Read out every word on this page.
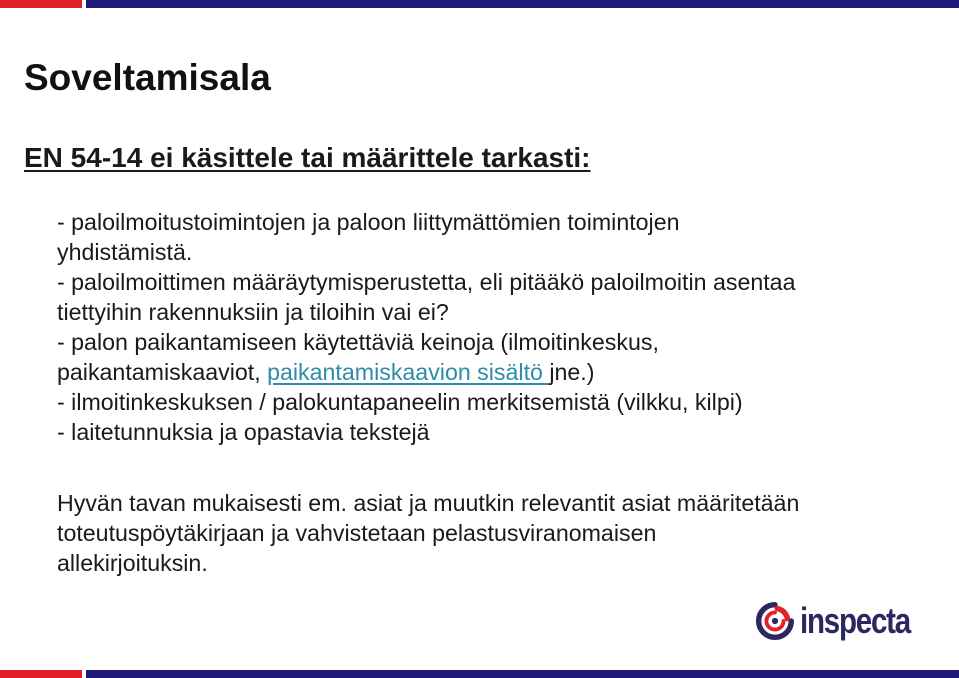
Soveltamisala
EN 54-14 ei käsittele tai määrittele tarkasti:

- paloilmoitustoimintojen ja paloon liittymättömien toimintojen

yhdistämistä.

- paloilmoittimen määräytymisperustetta, eli pitääkö paloilmoitin asentaa

tiettyihin rakennuksiin ja tiloihin vai ei?

- palon paikantamiseen käytettäviä keinoja (ilmoitinkeskus,

paikantamiskaaviot, paikantamiskaavion sisältö jne.)

- ilmoitinkeskuksen / palokuntapaneelin merkitsemistä (vilkku, kilpi)

- laitetunnuksia ja opastavia tekstejä

Hyvän tavan mukaisesti em. asiat ja muutkin relevantit asiat määritetään

toteutuspöytäkirjaan ja vahvistetaan pelastusviranomaisen

allekirjoituksin.

inspecta
